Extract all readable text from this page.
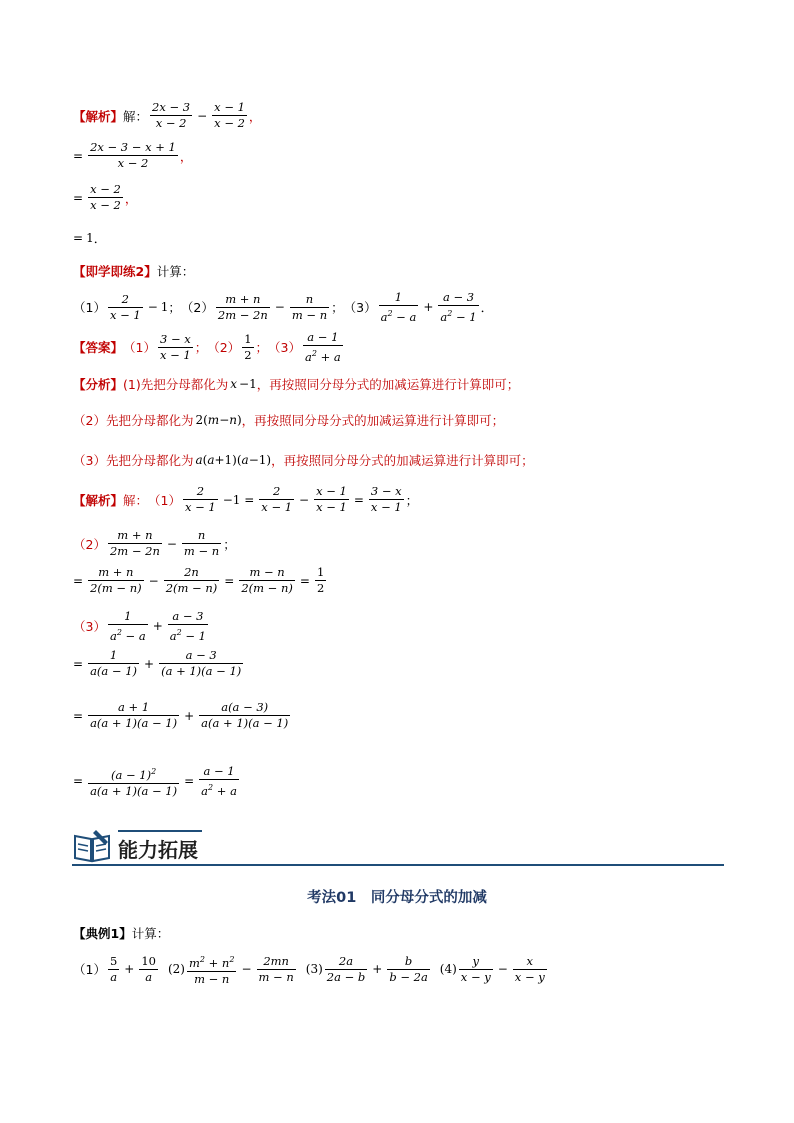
【解析】 解：
2x − 3
x − 2
−
x − 1
x − 2 ，
=
2x − 3 − x + 1
x − 2	，
=
x − 2
x − 2 ，
= 1 ．
【即学即练2】 计算：
（1）
2
x − 1
− 1 ； （2）
m + n
2m − 2n
−
n
m − n ； （3）
1
$a^2 - a$
+
a − 3
$a^2 - 1$
．
【答案】 （1）
3 − x
x − 1 ； （2）
1
2 ； （3）
a − 1
$a^2 + a$
【分析】 (1) 先把分母都化为 x −1 ，再按照同分母分式的加减运算进行计算即可；
（2） 先把分母都化为 2( m − n ) ，再按照同分母分式的加减运算进行计算即可；
（3） 先把分母都化为 a ( a +1)( a −1) ，再按照同分母分式的加减运算进行计算即可；
【解析】 解： （1）
2
x − 1
−1 =
2
x − 1
−
x − 1
x − 1
=
3 − x
x − 1 ；
（2）
m + n
2m − 2n
−
n
m − n ；
=
m + n
2(m − n)
−
2n
2(m − n)
=
m − n
2(m − n)
=
1
2
（3）
1
$a^2 - a$
+
a − 3
$a^2 - 1$
=
1
a(a − 1)
+
a − 3
(a + 1)(a − 1)
=
a + 1
a(a + 1)(a − 1)
+
a(a − 3)
a(a + 1)(a − 1)
= $(a - 1)^2$
a(a + 1)(a − 1)
=
a − 1
$a^2 + a$
能力拓展
考法01　同分母分式的加减
【典例1】 计算：
（1）
5
a
+
10
a
(2) $m^2 + n^2$
m − n
−
2mn
m − n
(3)
2a
2a − b
+
b
b − 2a
(4)
y
x − y
−
x
x − y
